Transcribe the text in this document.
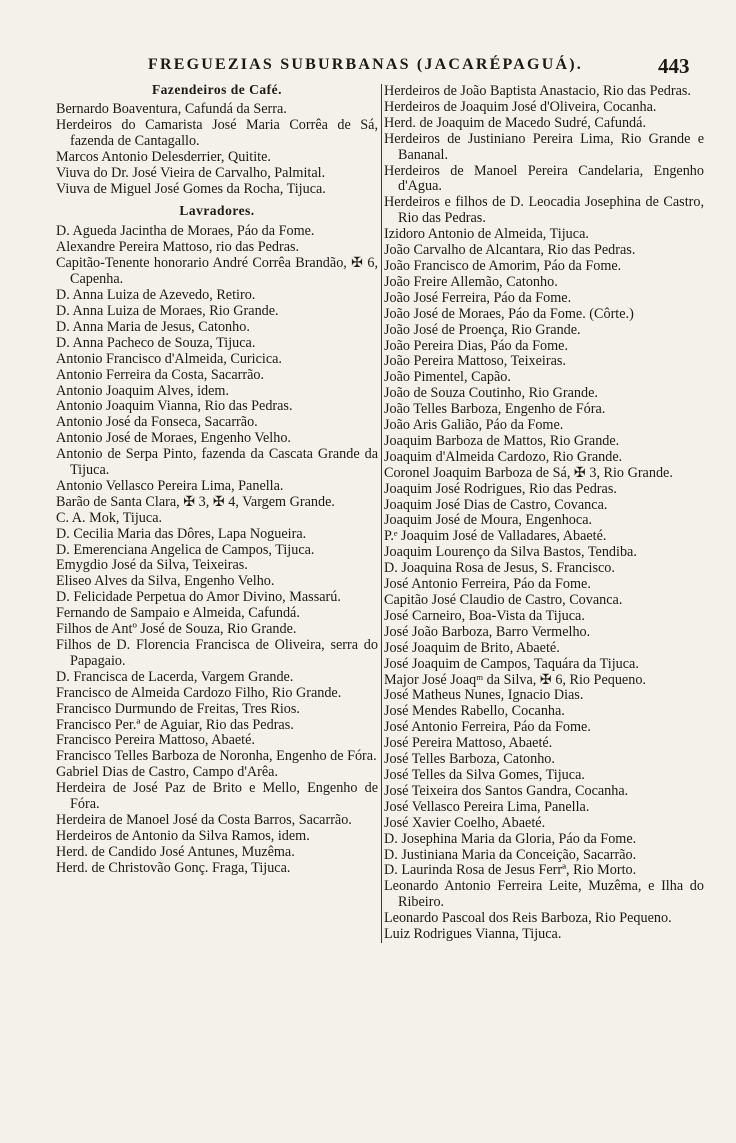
FREGUEZIAS SUBURBANAS (JACARÉPAGUÁ).	443
Fazendeiros de Café.
Bernardo Boaventura, Cafundá da Serra.
Herdeiros do Camarista José Maria Corrêa de Sá, fazenda de Cantagallo.
Marcos Antonio Delesderrier, Quitite.
Viuva do Dr. José Vieira de Carvalho, Palmital.
Viuva de Miguel José Gomes da Rocha, Tijuca.
Lavradores.
D. Agueda Jacintha de Moraes, Páo da Fome.
Alexandre Pereira Mattoso, rio das Pedras.
Capitão-Tenente honorario André Corrêa Brandão, ✠ 6, Capenha.
D. Anna Luiza de Azevedo, Retiro.
D. Anna Luiza de Moraes, Rio Grande.
D. Anna Maria de Jesus, Catonho.
D. Anna Pacheco de Souza, Tijuca.
Antonio Francisco d'Almeida, Curicica.
Antonio Ferreira da Costa, Sacarrão.
Antonio Joaquim Alves, idem.
Antonio Joaquim Vianna, Rio das Pedras.
Antonio José da Fonseca, Sacarrão.
Antonio José de Moraes, Engenho Velho.
Antonio de Serpa Pinto, fazenda da Cascata Grande da Tijuca.
Antonio Vellasco Pereira Lima, Panella.
Barão de Santa Clara, ✠ 3, ✠ 4, Vargem Grande.
C. A. Mok, Tijuca.
D. Cecilia Maria das Dôres, Lapa Nogueira.
D. Emerenciana Angelica de Campos, Tijuca.
Emygdio José da Silva, Teixeiras.
Eliseo Alves da Silva, Engenho Velho.
D. Felicidade Perpetua do Amor Divino, Massarú.
Fernando de Sampaio e Almeida, Cafundá.
Filhos de Antº José de Souza, Rio Grande.
Filhos de D. Florencia Francisca de Oliveira, serra do Papagaio.
D. Francisca de Lacerda, Vargem Grande.
Francisco de Almeida Cardozo Filho, Rio Grande.
Francisco Durmundo de Freitas, Tres Rios.
Francisco Per.ª de Aguiar, Rio das Pedras.
Francisco Pereira Mattoso, Abaeté.
Francisco Telles Barboza de Noronha, Engenho de Fóra.
Gabriel Dias de Castro, Campo d'Arêa.
Herdeira de José Paz de Brito e Mello, Engenho de Fóra.
Herdeira de Manoel José da Costa Barros, Sacarrão.
Herdeiros de Antonio da Silva Ramos, idem.
Herd. de Candido José Antunes, Muzêma.
Herd. de Christovão Gonç. Fraga, Tijuca.
Herdeiros de João Baptista Anastacio, Rio das Pedras.
Herdeiros de Joaquim José d'Oliveira, Cocanha.
Herd. de Joaquim de Macedo Sudré, Cafundá.
Herdeiros de Justiniano Pereira Lima, Rio Grande e Bananal.
Herdeiros de Manoel Pereira Candelaria, Engenho d'Agua.
Herdeiros e filhos de D. Leocadia Josephina de Castro, Rio das Pedras.
Izidoro Antonio de Almeida, Tijuca.
João Carvalho de Alcantara, Rio das Pedras.
João Francisco de Amorim, Páo da Fome.
João Freire Allemão, Catonho.
João José Ferreira, Páo da Fome.
João José de Moraes, Páo da Fome. (Côrte.)
João José de Proença, Rio Grande.
João Pereira Dias, Páo da Fome.
João Pereira Mattoso, Teixeiras.
João Pimentel, Capão.
João de Souza Coutinho, Rio Grande.
João Telles Barboza, Engenho de Fóra.
João Aris Galião, Páo da Fome.
Joaquim Barboza de Mattos, Rio Grande.
Joaquim d'Almeida Cardozo, Rio Grande.
Coronel Joaquim Barboza de Sá, ✠ 3, Rio Grande.
Joaquim José Rodrigues, Rio das Pedras.
Joaquim José Dias de Castro, Covanca.
Joaquim José de Moura, Engenhoca.
P.ᵉ Joaquim José de Valladares, Abaeté.
Joaquim Lourenço da Silva Bastos, Tendiba.
D. Joaquina Rosa de Jesus, S. Francisco.
José Antonio Ferreira, Páo da Fome.
Capitão José Claudio de Castro, Covanca.
José Carneiro, Boa-Vista da Tijuca.
José João Barboza, Barro Vermelho.
José Joaquim de Brito, Abaeté.
José Joaquim de Campos, Taquára da Tijuca.
Major José Joaqᵐ da Silva, ✠ 6, Rio Pequeno.
José Matheus Nunes, Ignacio Dias.
José Mendes Rabello, Cocanha.
José Antonio Ferreira, Páo da Fome.
José Pereira Mattoso, Abaeté.
José Telles Barboza, Catonho.
José Telles da Silva Gomes, Tijuca.
José Teixeira dos Santos Gandra, Cocanha.
José Vellasco Pereira Lima, Panella.
José Xavier Coelho, Abaeté.
D. Josephina Maria da Gloria, Páo da Fome.
D. Justiniana Maria da Conceição, Sacarrão.
D. Laurinda Rosa de Jesus Ferrª, Rio Morto.
Leonardo Antonio Ferreira Leite, Muzêma, e Ilha do Ribeiro.
Leonardo Pascoal dos Reis Barboza, Rio Pequeno.
Luiz Rodrigues Vianna, Tijuca.
